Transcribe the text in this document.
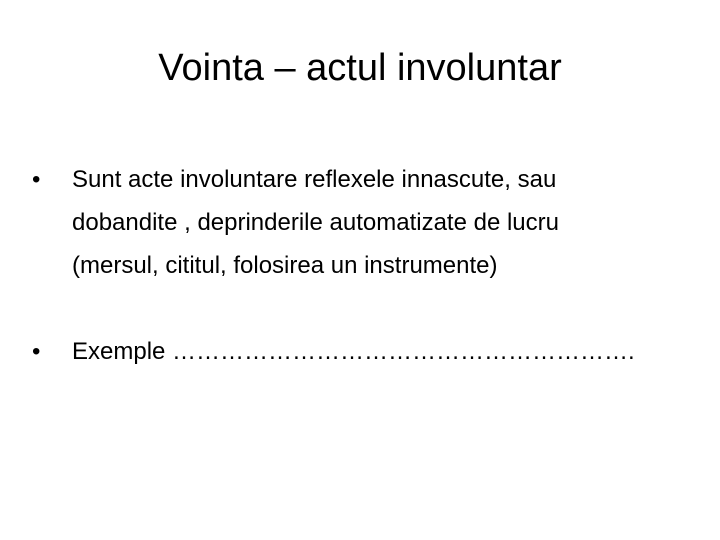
Vointa – actul involuntar
•	Sunt acte involuntare reflexele innascute, sau
dobandite , deprinderile automatizate de lucru
(mersul, cititul, folosirea un instrumente)
•	Exemple ………………………………………………….
